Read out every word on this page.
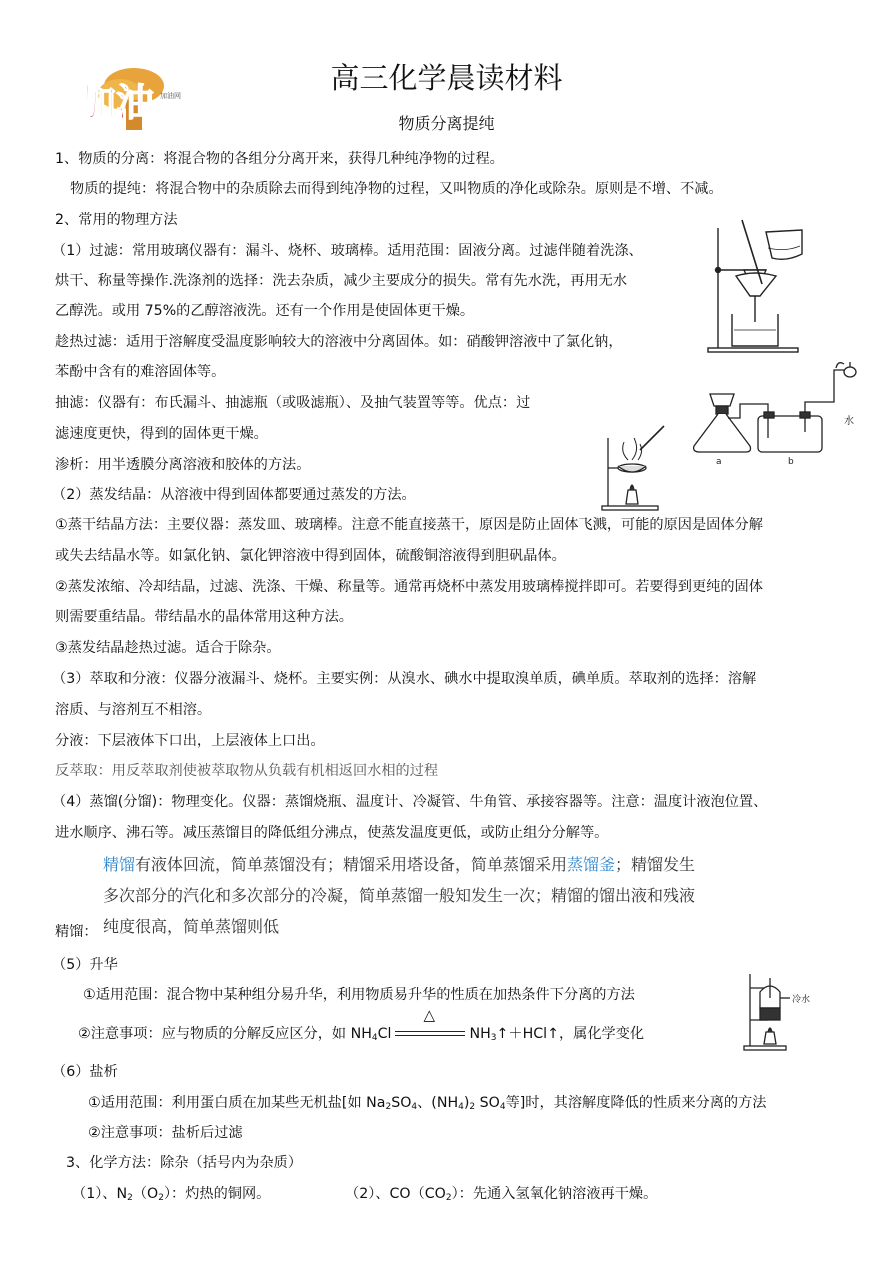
加油 加油网
高三化学晨读材料
物质分离提纯
1、物质的分离：将混合物的各组分分离开来，获得几种纯净物的过程。
物质的提纯：将混合物中的杂质除去而得到纯净物的过程，又叫物质的净化或除杂。原则是不增、不减。
2、常用的物理方法
（1）过滤：常用玻璃仪器有：漏斗、烧杯、玻璃棒。适用范围：固液分离。过滤伴随着洗涤、
烘干、称量等操作.洗涤剂的选择：洗去杂质，减少主要成分的损失。常有先水洗，再用无水
乙醇洗。或用 75%的乙醇溶液洗。还有一个作用是使固体更干燥。
趁热过滤：适用于溶解度受温度影响较大的溶液中分离固体。如：硝酸钾溶液中了氯化钠，
苯酚中含有的难溶固体等。
抽滤：仪器有：布氏漏斗、抽滤瓶（或吸滤瓶）、及抽气装置等等。优点：过
滤速度更快，得到的固体更干燥。
渗析：用半透膜分离溶液和胶体的方法。
（2）蒸发结晶：从溶液中得到固体都要通过蒸发的方法。
①蒸干结晶方法：主要仪器：蒸发皿、玻璃棒。注意不能直接蒸干，原因是防止固体飞溅，可能的原因是固体分解
或失去结晶水等。如氯化钠、氯化钾溶液中得到固体，硫酸铜溶液得到胆矾晶体。
②蒸发浓缩、冷却结晶，过滤、洗涤、干燥、称量等。通常再烧杯中蒸发用玻璃棒搅拌即可。若要得到更纯的固体
则需要重结晶。带结晶水的晶体常用这种方法。
③蒸发结晶趁热过滤。适合于除杂。
（3）萃取和分液：仪器分液漏斗、烧杯。主要实例：从溴水、碘水中提取溴单质，碘单质。萃取剂的选择：溶解
溶质、与溶剂互不相溶。
分液：下层液体下口出，上层液体上口出。
反萃取：用反萃取剂使被萃取物从负载有机相返回水相的过程
（4）蒸馏(分馏)：物理变化。仪器：蒸馏烧瓶、温度计、冷凝管、牛角管、承接容器等。注意：温度计液泡位置、
进水顺序、沸石等。减压蒸馏目的降低组分沸点，使蒸发温度更低，或防止组分分解等。
精馏有液体回流，简单蒸馏没有；精馏采用塔设备，简单蒸馏采用蒸馏釜；精馏发生
多次部分的汽化和多次部分的冷凝，简单蒸馏一般知发生一次；精馏的馏出液和残液
精馏： 纯度很高，简单蒸馏则低
（5）升华
①适用范围：混合物中某种组分易升华，利用物质易升华的性质在加热条件下分离的方法
②注意事项：应与物质的分解反应区分，如 $NH_4Cl$
△
$NH_3↑+HCl↑$，属化学变化
（6）盐析
①适用范围：利用蛋白质在加某些无机盐[如 $Na_2SO_4$、$(NH_4)_2$ $SO_4$等]时，其溶解度降低的性质来分离的方法
②注意事项：盐析后过滤
3、化学方法：除杂（括号内为杂质）
（1）、$N_2(O_2)$：灼热的铜网。	（2）、$CO(CO_2)$：先通入氢氧化钠溶液再干燥。
水
a	b
冷水
